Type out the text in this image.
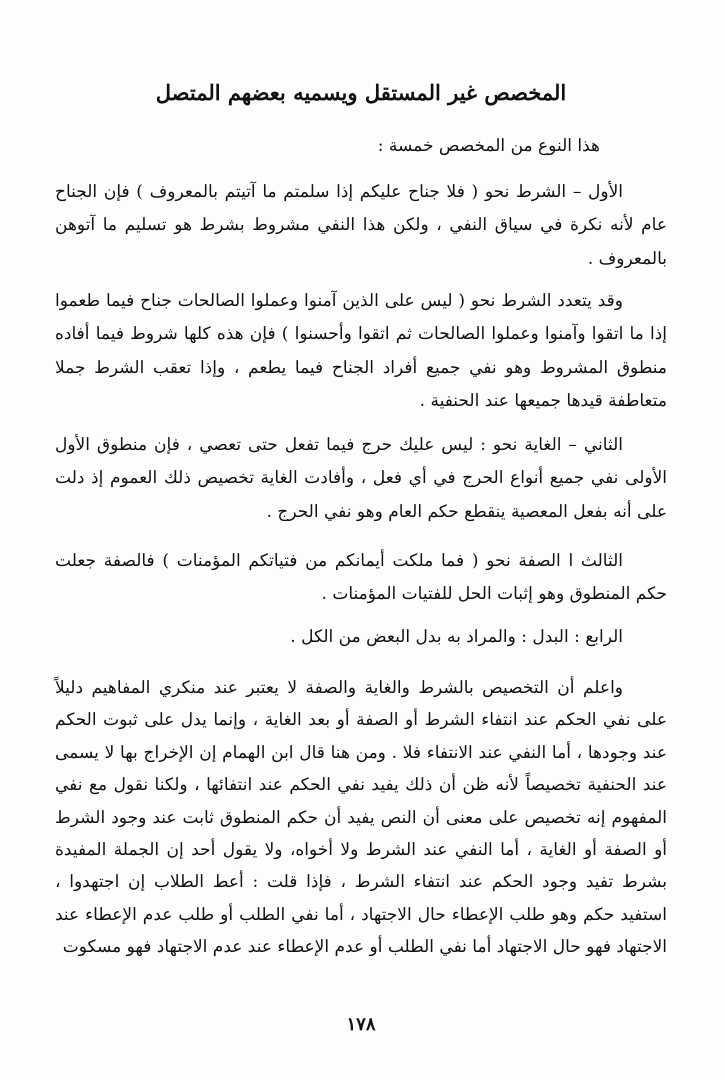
المخصص غير المستقل ويسميه بعضهم المتصل

هذا النوع من المخصص خمسة :

الأول – الشرط نحو ( فلا جناح عليكم إذا سلمتم ما آتيتم بالمعروف ) فإن الجناح عام لأنه نكرة في سياق النفي ، ولكن هذا النفي مشروط بشرط هو تسليم ما آتوهن بالمعروف .

وقد يتعدد الشرط نحو ( ليس على الذين آمنوا وعملوا الصالحات جناح فيما طعموا إذا ما اتقوا وآمنوا وعملوا الصالحات ثم اتقوا وأحسنوا ) فإن هذه كلها شروط فيما أفاده منطوق المشروط وهو نفي جميع أفراد الجناح فيما يطعم ، وإذا تعقب الشرط جملا متعاطفة قيدها جميعها عند الحنفية .

الثاني – الغاية نحو : ليس عليك حرج فيما تفعل حتى تعصي ، فإن منطوق الأول الأولى نفي جميع أنواع الحرج في أي فعل ، وأفادت الغاية تخصيص ذلك العموم إذ دلت على أنه بفعل المعصية ينقطع حكم العام وهو نفي الحرج .

الثالث ا الصفة نحو ( فما ملكت أيمانكم من فتياتكم المؤمنات ) فالصفة جعلت حكم المنطوق وهو إثبات الحل للفتيات المؤمنات .

الرابع : البدل : والمراد به بدل البعض من الكل .

واعلم أن التخصيص بالشرط والغاية والصفة لا يعتبر عند منكري المفاهيم دليلاً على نفي الحكم عند انتفاء الشرط أو الصفة أو بعد الغاية ، وإنما يدل على ثبوت الحكم عند وجودها ، أما النفي عند الانتفاء فلا . ومن هنا قال ابن الهمام إن الإخراج بها لا يسمى عند الحنفية تخصيصاً لأنه ظن أن ذلك يفيد نفي الحكم عند انتفائها ، ولكنا نقول مع نفي المفهوم إنه تخصيص على معنى أن النص يفيد أن حكم المنطوق ثابت عند وجود الشرط أو الصفة أو الغاية ، أما النفي عند الشرط ولا أخواه، ولا يقول أحد إن الجملة المفيدة بشرط تفيد وجود الحكم عند انتفاء الشرط ، فإذا قلت : أعط الطلاب إن اجتهدوا ، استفيد حكم وهو طلب الإعطاء حال الاجتهاد ، أما نفي الطلب أو طلب عدم الإعطاء عند الاجتهاد فهو حال الاجتهاد أما نفي الطلب أو عدم الإعطاء عند عدم الاجتهاد فهو مسكوت

١٧٨
